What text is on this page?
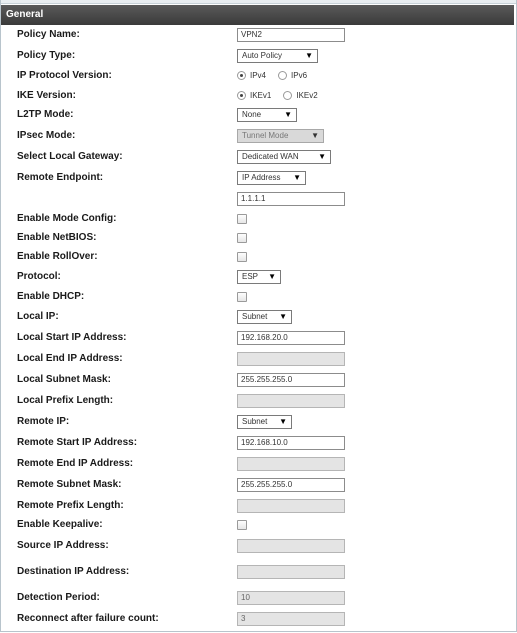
General
Policy Name:	VPN2
Policy Type:	Auto Policy	▼
IP Protocol Version:	IPv4	IPv6
IKE Version:	IKEv1	IKEv2
L2TP Mode:	None	▼
IPsec Mode:	Tunnel Mode	▼
Select Local Gateway:	Dedicated WAN ▼
Remote Endpoint:	IP Address ▼
1.1.1.1
Enable Mode Config:
Enable NetBIOS:
Enable RollOver:
Protocol:	ESP ▼
Enable DHCP:
Local IP:	Subnet ▼
Local Start IP Address:	192.168.20.0
Local End IP Address:
Local Subnet Mask:	255.255.255.0
Local Prefix Length:
Remote IP:	Subnet ▼
Remote Start IP Address:	192.168.10.0
Remote End IP Address:
Remote Subnet Mask:	255.255.255.0
Remote Prefix Length:
Enable Keepalive:
Source IP Address:
Destination IP Address:
Detection Period:	10
Reconnect after failure count:	3
